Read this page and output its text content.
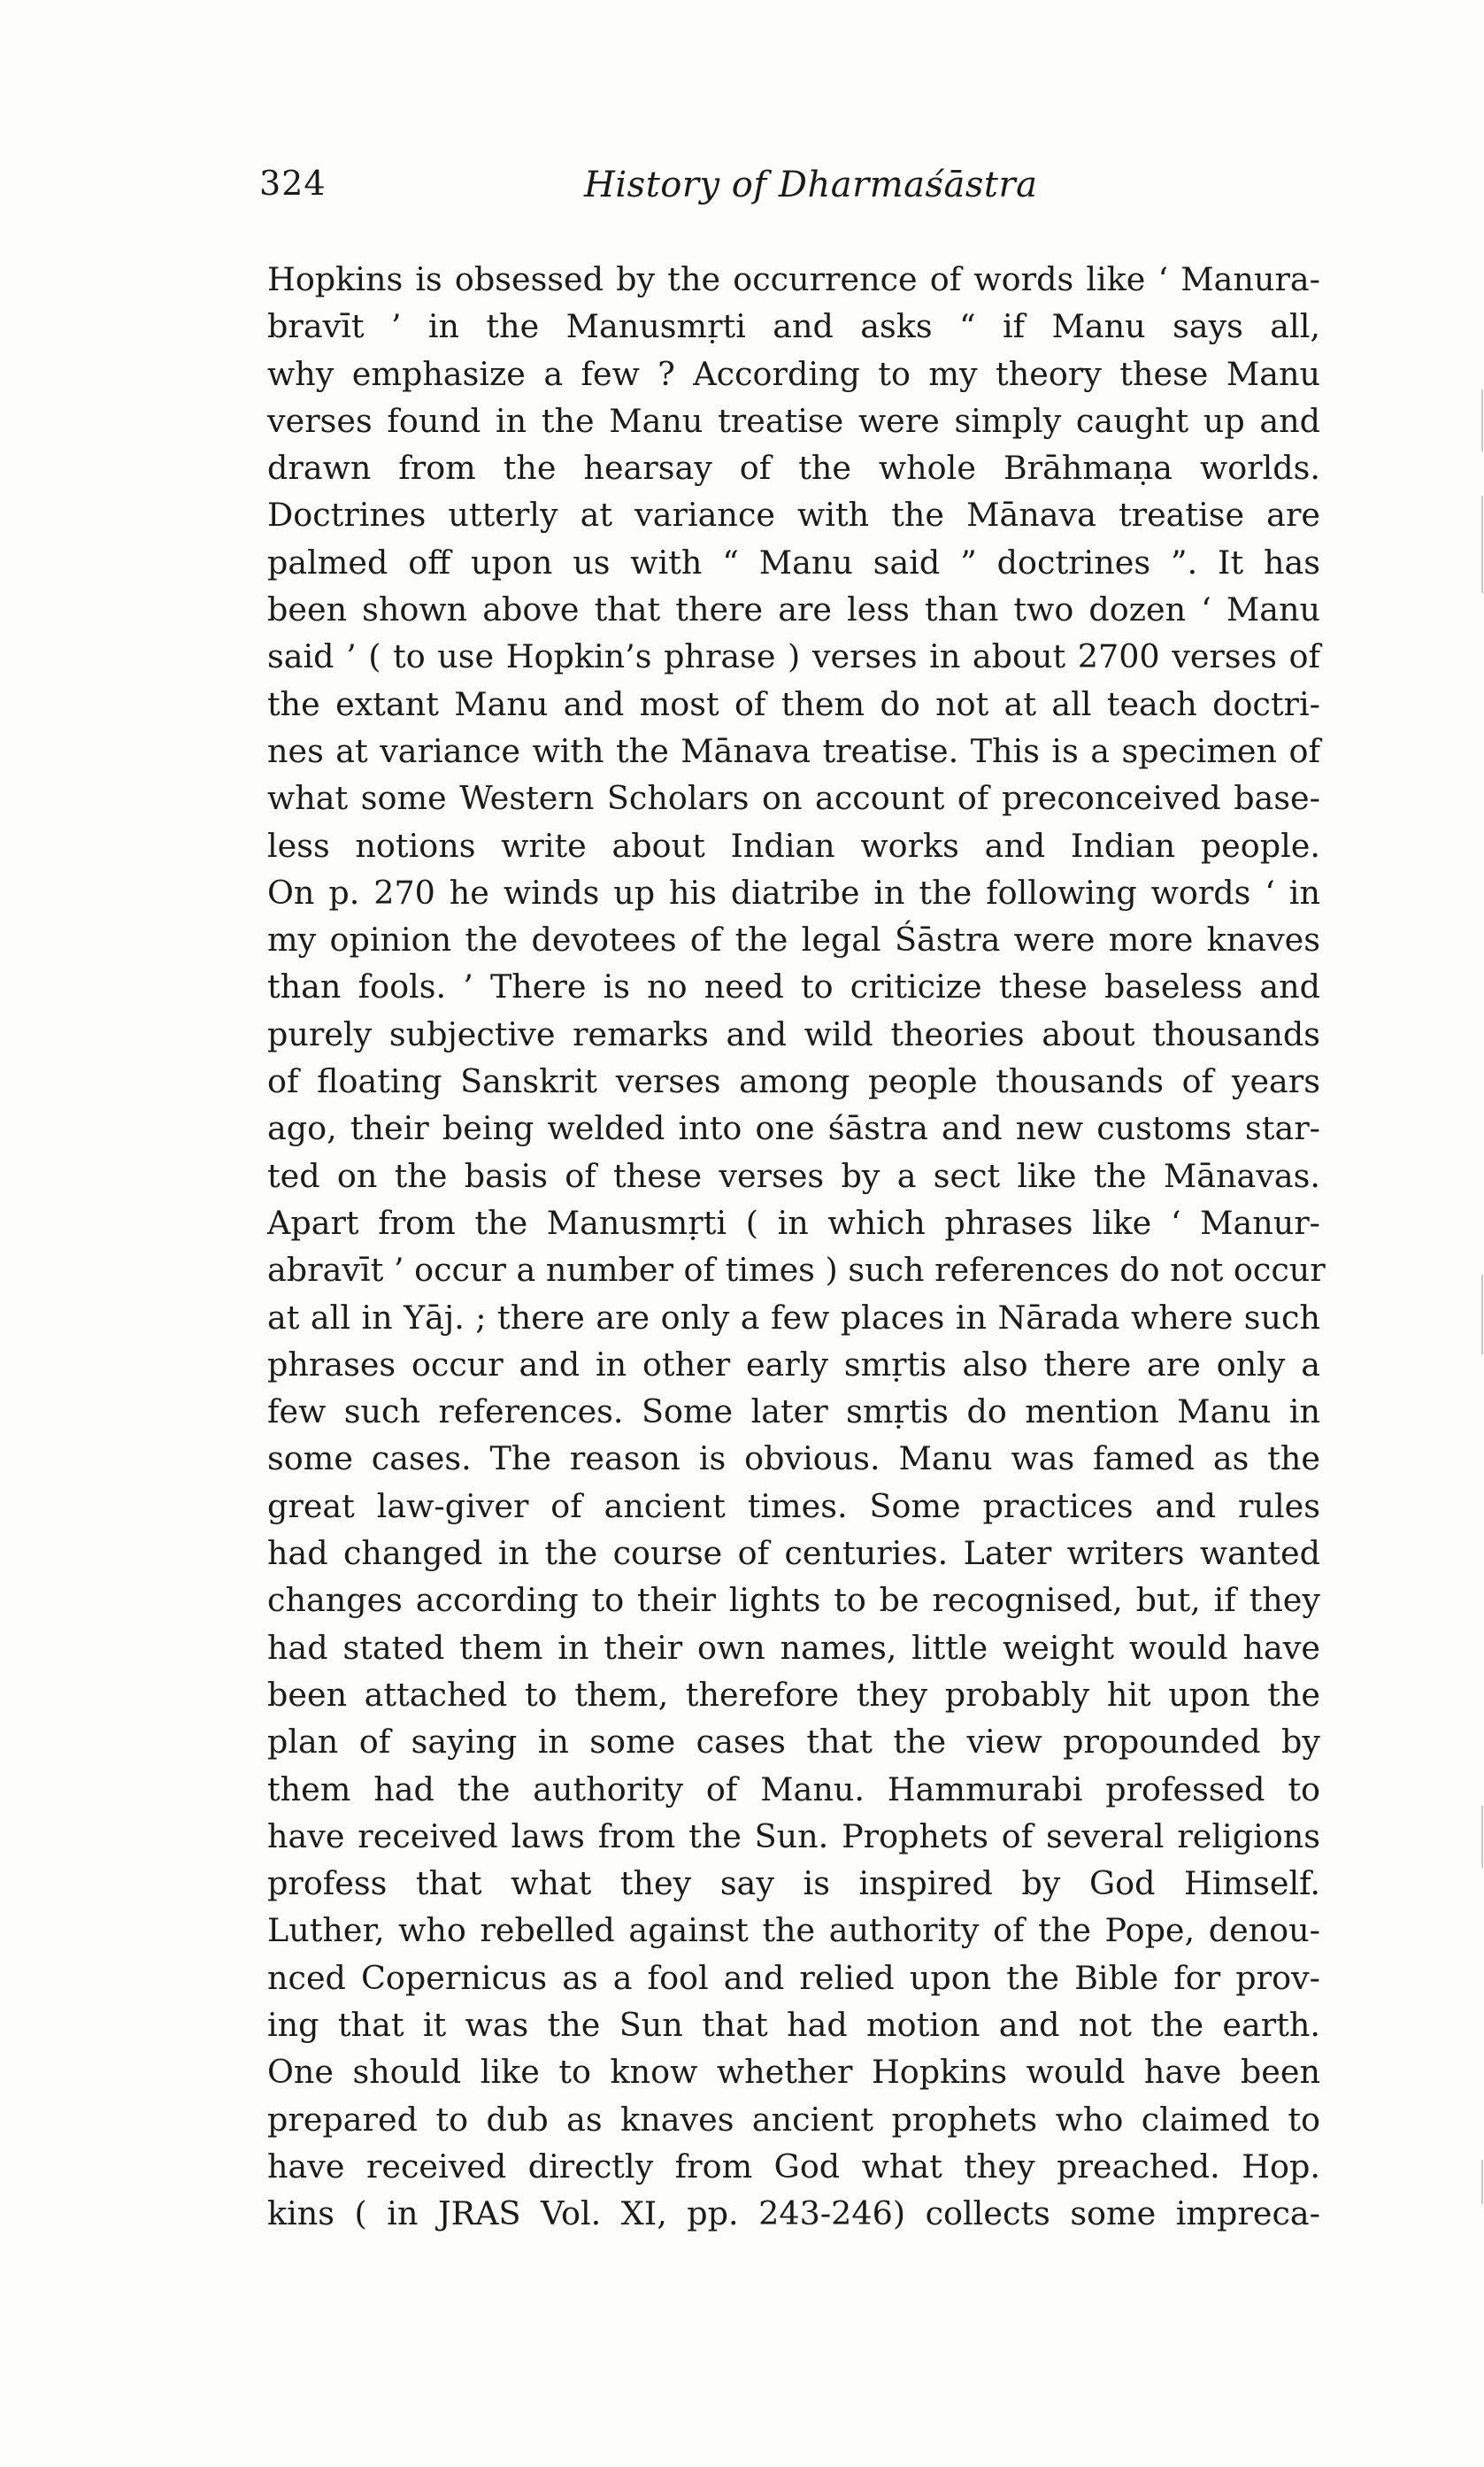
324	History of Dharmaśāstra
Hopkins is obsessed by the occurrence of words like ‘ Manura-
bravīt ’ in the Manusmṛti and asks “ if Manu says all,
why emphasize a few ? According to my theory these Manu
verses found in the Manu treatise were simply caught up and
drawn from the hearsay of the whole Brāhmaṇa worlds.
Doctrines utterly at variance with the Mānava treatise are
palmed off upon us with “ Manu said ” doctrines ”. It has
been shown above that there are less than two dozen ‘ Manu
said ’ ( to use Hopkin’s phrase ) verses in about 2700 verses of
the extant Manu and most of them do not at all teach doctri-
nes at variance with the Mānava treatise. This is a specimen of
what some Western Scholars on account of preconceived base-
less notions write about Indian works and Indian people.
On p. 270 he winds up his diatribe in the following words ‘ in
my opinion the devotees of the legal Śāstra were more knaves
than fools. ’ There is no need to criticize these baseless and
purely subjective remarks and wild theories about thousands
of floating Sanskrit verses among people thousands of years
ago, their being welded into one śāstra and new customs star-
ted on the basis of these verses by a sect like the Mānavas.
Apart from the Manusmṛti ( in which phrases like ‘ Manur-
abravīt ’ occur a number of times ) such references do not occur
at all in Yāj. ; there are only a few places in Nārada where such
phrases occur and in other early smṛtis also there are only a
few such references. Some later smṛtis do mention Manu in
some cases. The reason is obvious. Manu was famed as the
great law-giver of ancient times. Some practices and rules
had changed in the course of centuries. Later writers wanted
changes according to their lights to be recognised, but, if they
had stated them in their own names, little weight would have
been attached to them, therefore they probably hit upon the
plan of saying in some cases that the view propounded by
them had the authority of Manu. Hammurabi professed to
have received laws from the Sun. Prophets of several religions
profess that what they say is inspired by God Himself.
Luther, who rebelled against the authority of the Pope, denou-
nced Copernicus as a fool and relied upon the Bible for prov-
ing that it was the Sun that had motion and not the earth.
One should like to know whether Hopkins would have been
prepared to dub as knaves ancient prophets who claimed to
have received directly from God what they preached. Hop.
kins ( in JRAS Vol. XI, pp. 243-246) collects some impreca-
